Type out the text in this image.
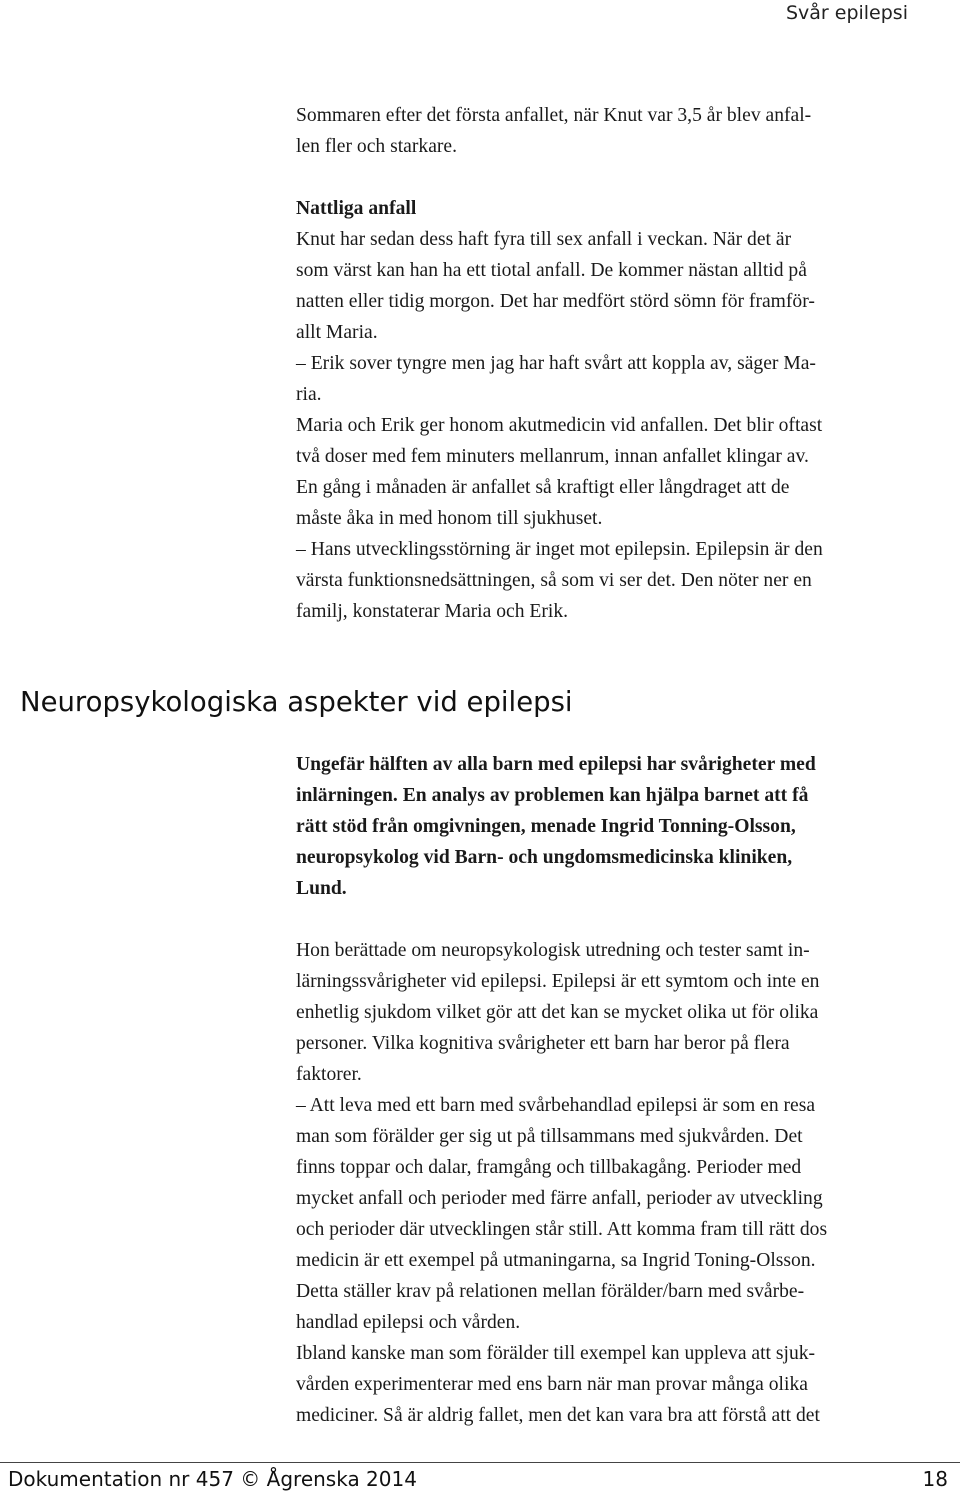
Svår epilepsi
Sommaren efter det första anfallet, när Knut var 3,5 år blev anfal-
len fler och starkare.
Nattliga anfall
Knut har sedan dess haft fyra till sex anfall i veckan. När det är
som värst kan han ha ett tiotal anfall. De kommer nästan alltid på
natten eller tidig morgon. Det har medfört störd sömn för framför-
allt Maria.
– Erik sover tyngre men jag har haft svårt att koppla av, säger Ma-
ria.
Maria och Erik ger honom akutmedicin vid anfallen. Det blir oftast
två doser med fem minuters mellanrum, innan anfallet klingar av.
En gång i månaden är anfallet så kraftigt eller långdraget att de
måste åka in med honom till sjukhuset.
– Hans utvecklingsstörning är inget mot epilepsin. Epilepsin är den
värsta funktionsnedsättningen, så som vi ser det. Den nöter ner en
familj, konstaterar Maria och Erik.
Neuropsykologiska aspekter vid epilepsi
Ungefär hälften av alla barn med epilepsi har svårigheter med
inlärningen. En analys av problemen kan hjälpa barnet att få
rätt stöd från omgivningen, menade Ingrid Tonning-Olsson,
neuropsykolog vid Barn- och ungdomsmedicinska kliniken,
Lund.
Hon berättade om neuropsykologisk utredning och tester samt in-
lärningssvårigheter vid epilepsi. Epilepsi är ett symtom och inte en
enhetlig sjukdom vilket gör att det kan se mycket olika ut för olika
personer. Vilka kognitiva svårigheter ett barn har beror på flera
faktorer.
– Att leva med ett barn med svårbehandlad epilepsi är som en resa
man som förälder ger sig ut på tillsammans med sjukvården. Det
finns toppar och dalar, framgång och tillbakagång. Perioder med
mycket anfall och perioder med färre anfall, perioder av utveckling
och perioder där utvecklingen står still. Att komma fram till rätt dos
medicin är ett exempel på utmaningarna, sa Ingrid Toning-Olsson.
Detta ställer krav på relationen mellan förälder/barn med svårbe-
handlad epilepsi och vården.
Ibland kanske man som förälder till exempel kan uppleva att sjuk-
vården experimenterar med ens barn när man provar många olika
mediciner. Så är aldrig fallet, men det kan vara bra att förstå att det
Dokumentation nr 457 © Ågrenska 2014	18
